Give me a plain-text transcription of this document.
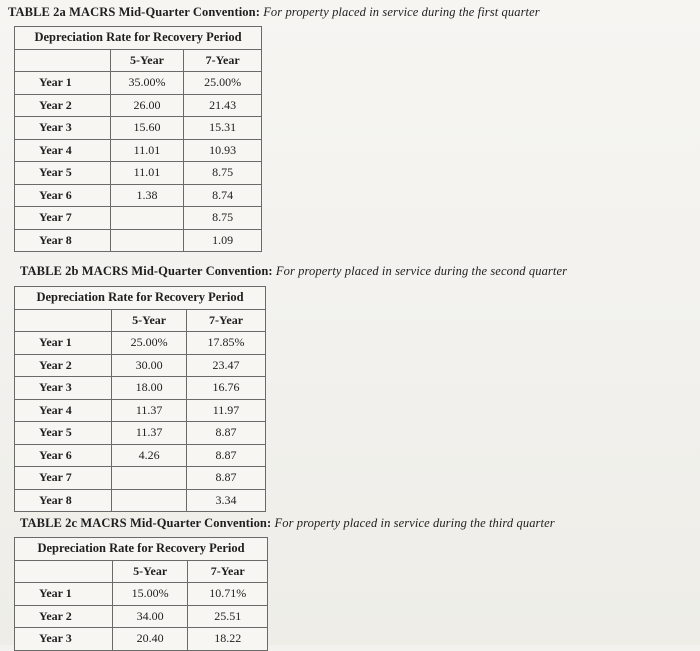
TABLE 2a MACRS Mid-Quarter Convention: For property placed in service during the first quarter
Depreciation Rate for Recovery Period		
	5-Year	7-Year
Year 1	35.00%	25.00%
Year 2	26.00	21.43
Year 3	15.60	15.31
Year 4	11.01	10.93
Year 5	11.01	8.75
Year 6	1.38	8.74
Year 7		8.75
Year 8		1.09
TABLE 2b MACRS Mid-Quarter Convention: For property placed in service during the second quarter
Depreciation Rate for Recovery Period		
	5-Year	7-Year
Year 1	25.00%	17.85%
Year 2	30.00	23.47
Year 3	18.00	16.76
Year 4	11.37	11.97
Year 5	11.37	8.87
Year 6	4.26	8.87
Year 7		8.87
Year 8		3.34
TABLE 2c MACRS Mid-Quarter Convention: For property placed in service during the third quarter
Depreciation Rate for Recovery Period		
	5-Year	7-Year
Year 1	15.00%	10.71%
Year 2	34.00	25.51
Year 3	20.40	18.22
